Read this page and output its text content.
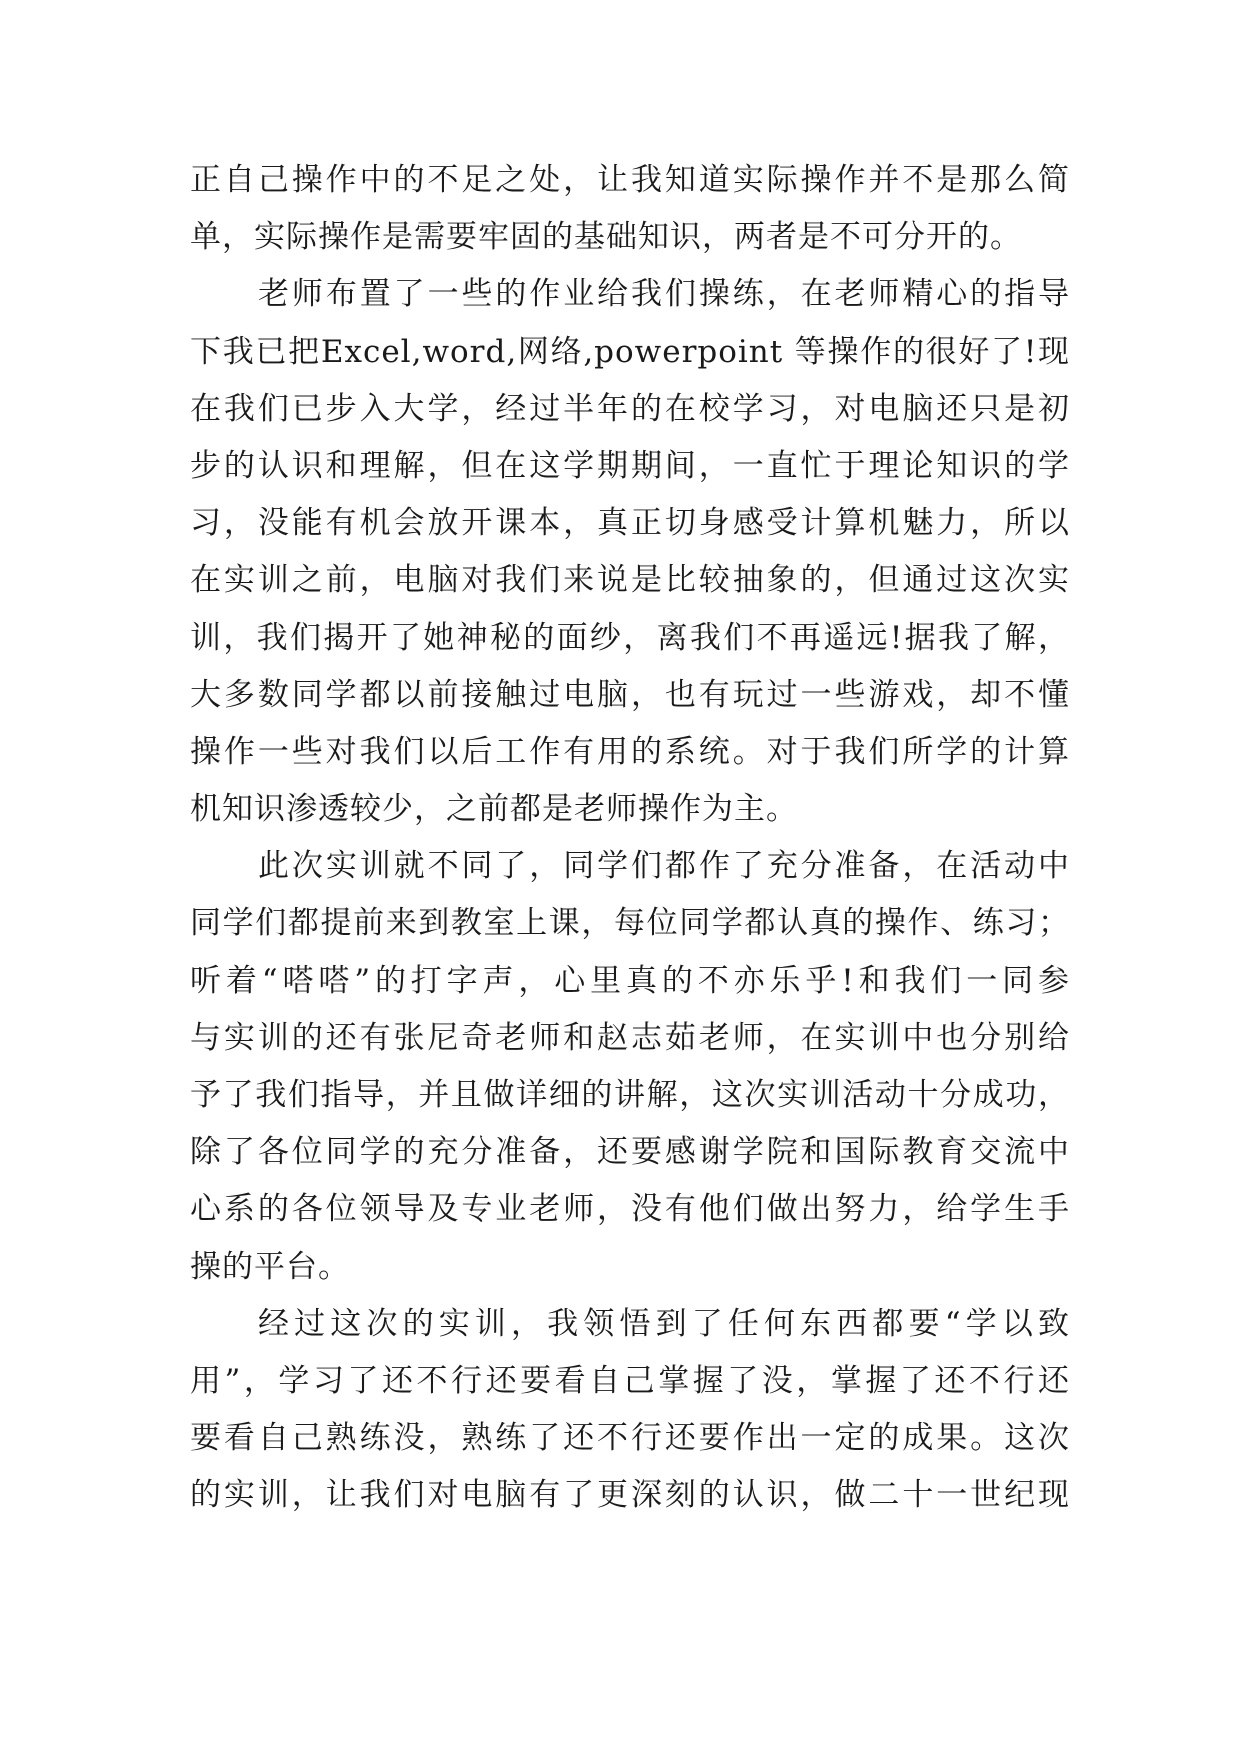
正自己操作中的不足之处，让我知道实际操作并不是那么简
单，实际操作是需要牢固的基础知识，两者是不可分开的。
老师布置了一些的作业给我们操练，在老师精心的指导
下我已把Excel,word,网络,powerpoint 等操作的很好了!现
在我们已步入大学，经过半年的在校学习，对电脑还只是初
步的认识和理解，但在这学期期间，一直忙于理论知识的学
习，没能有机会放开课本，真正切身感受计算机魅力，所以
在实训之前，电脑对我们来说是比较抽象的，但通过这次实
训，我们揭开了她神秘的面纱，离我们不再遥远!据我了解，
大多数同学都以前接触过电脑，也有玩过一些游戏，却不懂
操作一些对我们以后工作有用的系统。对于我们所学的计算
机知识渗透较少，之前都是老师操作为主。
此次实训就不同了，同学们都作了充分准备，在活动中
同学们都提前来到教室上课，每位同学都认真的操作、练习；
听着“嗒嗒”的打字声，心里真的不亦乐乎!和我们一同参
与实训的还有张尼奇老师和赵志茹老师，在实训中也分别给
予了我们指导，并且做详细的讲解，这次实训活动十分成功，
除了各位同学的充分准备，还要感谢学院和国际教育交流中
心系的各位领导及专业老师，没有他们做出努力，给学生手
操的平台。
经过这次的实训，我领悟到了任何东西都要“学以致
用”，学习了还不行还要看自己掌握了没，掌握了还不行还
要看自己熟练没，熟练了还不行还要作出一定的成果。这次
的实训，让我们对电脑有了更深刻的认识，做二十一世纪现
